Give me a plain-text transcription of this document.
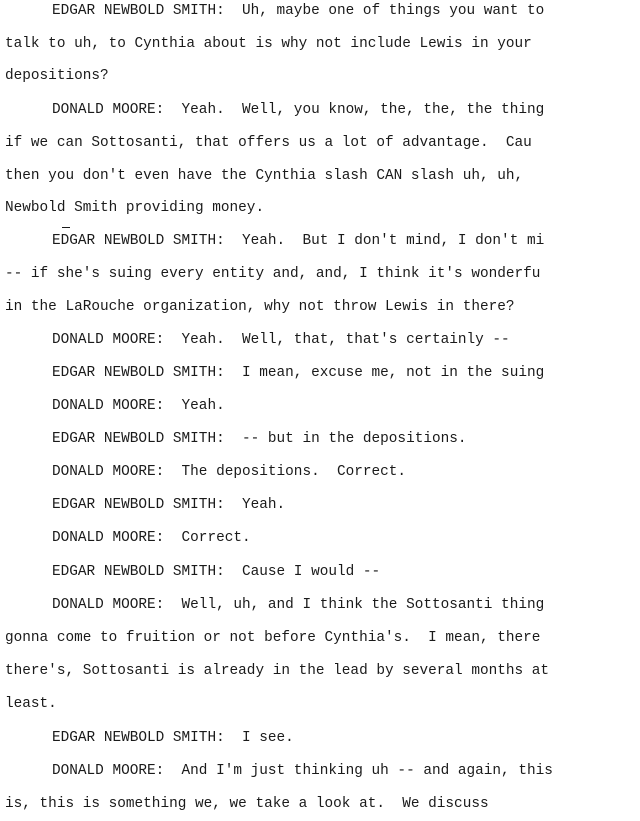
EDGAR NEWBOLD SMITH:  Uh, maybe one of things you want to
talk to uh, to Cynthia about is why not include Lewis in your
depositions?
DONALD MOORE:  Yeah.  Well, you know, the, the, the thing
if we can Sottosanti, that offers us a lot of advantage.  Cau
then you don't even have the Cynthia slash CAN slash uh, uh,
Newbold Smith providing money.
EDGAR NEWBOLD SMITH:  Yeah.  But I don't mind, I don't mi
-- if she's suing every entity and, and, I think it's wonderfu
in the LaRouche organization, why not throw Lewis in there?
DONALD MOORE:  Yeah.  Well, that, that's certainly --
EDGAR NEWBOLD SMITH:  I mean, excuse me, not in the suing
DONALD MOORE:  Yeah.
EDGAR NEWBOLD SMITH:  -- but in the depositions.
DONALD MOORE:  The depositions.  Correct.
EDGAR NEWBOLD SMITH:  Yeah.
DONALD MOORE:  Correct.
EDGAR NEWBOLD SMITH:  Cause I would --
DONALD MOORE:  Well, uh, and I think the Sottosanti thing
gonna come to fruition or not before Cynthia's.  I mean, there
there's, Sottosanti is already in the lead by several months at
least.
EDGAR NEWBOLD SMITH:  I see.
DONALD MOORE:  And I'm just thinking uh -- and again, this
is, this is something we, we take a look at.  We discuss
